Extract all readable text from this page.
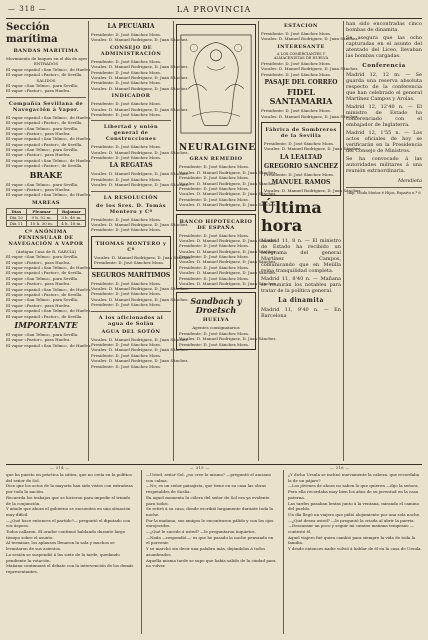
— 318 —	LA PROVINCIA
Sección marítima
BANDAS MARITIMA

Movimiento de buques en el día de ayer

ENTRADOS

El vapor español «San Telmo», de Huelva.

El vapor español «Pastor», de Sevilla.

SALIDOS

El vapor «San Telmo», para Sevilla.

El vapor «Pastor», para Huelva.

Compañía Sevillana de Navegación á Vapor.

El vapor español «San Telmo», de Huelva.

El vapor español «Pastor», de Sevilla.

El vapor «San Telmo», para Sevilla.

El vapor «Pastor», para Huelva.

El vapor español «San Telmo», de Huelva.

El vapor español «Pastor», de Sevilla.

El vapor «San Telmo», para Sevilla.

El vapor «Pastor», para Huelva.

El vapor español «San Telmo», de Huelva.

El vapor español «Pastor», de Sevilla.

BRAKE

El vapor «San Telmo», para Sevilla.

El vapor «Pastor», para Huelva.

El vapor español «San Telmo», de Huelva.

MAREAS
Días	Pleamar	Bajamar
Día 10	9 h. 52 m.	3 h. 40 m.
Día 11	10 h. 30 m.	4 h. 18 m.
Cª ANÓNIMA PENINSULAR DE NAVEGACIÓN A VAPOR
(Antigua Casa de R. GARCÍA)

El vapor «San Telmo», para Sevilla.

El vapor «Pastor», para Huelva.

El vapor español «San Telmo», de Huelva.

El vapor español «Pastor», de Sevilla.

El vapor «San Telmo», para Sevilla.

El vapor «Pastor», para Huelva.

El vapor español «San Telmo», de Huelva.

El vapor español «Pastor», de Sevilla.

El vapor «San Telmo», para Sevilla.

El vapor «Pastor», para Huelva.

El vapor español «San Telmo», de Huelva.

El vapor español «Pastor», de Sevilla.

IMPORTANTE

El vapor «San Telmo», para Sevilla.

El vapor «Pastor», para Huelva.

El vapor español «San Telmo», de Huelva.

LA PECUARIA

Presidente: D. José Sánchez Mora.

Vocales: D. Manuel Rodríguez, D. Juan Sánchez.

CONSEJO DE ADMINISTRACIÓN

Presidente: D. José Sánchez Mora.

Vocales: D. Manuel Rodríguez, D. Juan Sánchez.

Presidente: D. José Sánchez Mora.

Vocales: D. Manuel Rodríguez, D. Juan Sánchez.

Presidente: D. José Sánchez Mora.

Vocales: D. Manuel Rodríguez, D. Juan Sánchez.

INDICADOR

Presidente: D. José Sánchez Mora.

Vocales: D. Manuel Rodríguez, D. Juan Sánchez.

Presidente: D. José Sánchez Mora.

Libertad y unión general de Construcciones

Presidente: D. José Sánchez Mora.

Vocales: D. Manuel Rodríguez, D. Juan Sánchez.

Presidente: D. José Sánchez Mora.

LA REGATAS

Vocales: D. Manuel Rodríguez, D. Juan Sánchez.

Presidente: D. José Sánchez Mora.

Vocales: D. Manuel Rodríguez, D. Juan Sánchez.

LA RESOLUCIÓN
de los Sres. D. Tomás Montero y Cª

Presidente: D. José Sánchez Mora.

Vocales: D. Manuel Rodríguez, D. Juan Sánchez.

Presidente: D. José Sánchez Mora.

THOMAS MONTERO y Cª

Vocales: D. Manuel Rodríguez, D. Juan Sánchez.

Presidente: D. José Sánchez Mora.

SEGUROS MARÍTIMOS

Presidente: D. José Sánchez Mora.

Vocales: D. Manuel Rodríguez, D. Juan Sánchez.

Presidente: D. José Sánchez Mora.

Vocales: D. Manuel Rodríguez, D. Juan Sánchez.

Presidente: D. José Sánchez Mora.

A los aficionados al agua de Solán
AGUA DEL SOTÓN

Vocales: D. Manuel Rodríguez, D. Juan Sánchez.

Presidente: D. José Sánchez Mora.

Vocales: D. Manuel Rodríguez, D. Juan Sánchez.

Presidente: D. José Sánchez Mora.

Vocales: D. Manuel Rodríguez, D. Juan Sánchez.

Presidente: D. José Sánchez Mora.

NEURALGINE
GRAN REMEDIO

Presidente: D. José Sánchez Mora.

Vocales: D. Manuel Rodríguez, D. Juan Sánchez.

Presidente: D. José Sánchez Mora.

Vocales: D. Manuel Rodríguez, D. Juan Sánchez.

Presidente: D. José Sánchez Mora.

Vocales: D. Manuel Rodríguez, D. Juan Sánchez.

Presidente: D. José Sánchez Mora.

Vocales: D. Manuel Rodríguez, D. Juan Sánchez.

BANCO HIPOTECARIO DE ESPAÑA

Presidente: D. José Sánchez Mora.

Vocales: D. Manuel Rodríguez, D. Juan Sánchez.

Presidente: D. José Sánchez Mora.

Vocales: D. Manuel Rodríguez, D. Juan Sánchez.

Presidente: D. José Sánchez Mora.

Vocales: D. Manuel Rodríguez, D. Juan Sánchez.

Presidente: D. José Sánchez Mora.

Vocales: D. Manuel Rodríguez, D. Juan Sánchez.

Presidente: D. José Sánchez Mora.

Vocales: D. Manuel Rodríguez, D. Juan Sánchez.

Sandbach y Droetsch
HUELVA
Agentes consignatarios

Presidente: D. José Sánchez Mora.

Vocales: D. Manuel Rodríguez, D. Juan Sánchez.

Presidente: D. José Sánchez Mora.

ESTACION

Presidente: D. José Sánchez Mora.

Vocales: D. Manuel Rodríguez, D. Juan Sánchez.

INTERESANTE
A LOS COMERCIANTES Y ALMACENISTAS DE HUELVA

Presidente: D. José Sánchez Mora.

Vocales: D. Manuel Rodríguez, D. Juan Sánchez.

Presidente: D. José Sánchez Mora.

PASAJE DEL CORREO
FIDEL SANTAMARIA

Presidente: D. José Sánchez Mora.

Vocales: D. Manuel Rodríguez, D. Juan Sánchez.

Fábrica de Sombreros de la Sevilla

Presidente: D. José Sánchez Mora.

Vocales: D. Manuel Rodríguez, D. Juan Sánchez.

LA LEALTAD
GREGORIO SANCHEZ

Presidente: D. José Sánchez Mora.

MANUEL RAMOS

Vocales: D. Manuel Rodríguez, D. Juan Sánchez.

Última hora
Madrid 11, 8 n. — El ministro de Estado ha recibido un telegrama del general Martínez Campos, comunicando que en Melilla reina tranquilidad completa.
Madrid 11, 8'40 n. — Mañana se reunirán los notables para tratar de la política general.
La dinamita
Madrid 11, 9'40 n. — En Barcelona
han sido encontradas cinco bombas de dinamita.
Se asegura que las ocho capturadas en el asunto del atentado del Liceo, llevaban las bombas cargadas.
Conferencia
Madrid 12, 12 m. — Se guarda una reserva absoluta respecto de la conferencia que han celebrado el general Martínez Campos y Arolas.
Madrid 12, 12'40 n. — El ministro de Estado ha conferenciado con el embajador de Inglaterra.
Madrid 12, 1'55 n. — Los actos oficiales de hoy se verificarán en la Presidencia del Consejo de Ministros.
Se ha convocado á las autoridades militares á una reunión extraordinaria.
Mendieta
Imp. Viuda Muñoz é Hijos, Esparto n.º 6
— 314 —	— 315 —	— 316 —
que ha puesto en práctica la sátira, que no creía en la política del señor de Sol.
Dice que los actos de la mayoría han sido vistos con extrañeza por toda la nación.
Recuerda los trabajos que se hicieron para impedir el triunfo de la conjunción.
Y añade que ahora el gobierno se encuentra en una situación muy difícil.
—¿Qué hace entonces el partido?— preguntó el diputado con voz áspera.
Todos callaron. El orador continuó hablando durante largo tiempo sobre el asunto.
Al terminar, los aplausos llenaron la sala y muchos se levantaron de sus asientos.
La sesión se suspendió á las siete de la tarde, quedando pendiente la votación.
Mañana continuará el debate con la intervención de los demás representantes.
—Usted, señor Sol, ¿no cree lo mismo? —preguntó el anciano con calma.
—No; es un señor paisajista, que tiene en su casa las obras respetables de Sicilia.
En aquel momento la cólera del señor de Sol era ya evidente para todos.
Se retiró á su casa, donde escribió largamente durante toda la noche.
Por la mañana, sus amigos le encontraron pálido y con los ojos enrojecidos.
—¿Qué le sucede á usted? —le preguntaron inquietos.
—Nada —respondió—; es que he pasado la noche pensando en el porvenir.
Y se marchó sin decir una palabra más, dejándolos á todos asombrados.
Aquella misma tarde se supo que había salido de la ciudad para no volver.
¿Y dicho Ursula se inclinó nuevamente la cabeza, que recordaba la de un pájaro?
—Los jóvenes de ahora no saben lo que quieren —dijo la señora.
Pero ella recordaba muy bien los años de su juventud en la casa paterna.
Las tardes pasaban lentas junto á la ventana, mirando el camino del pueblo.
Un día llegó un viajero que pidió alojamiento por una sola noche.
—¿Qué desea usted? —le preguntó la criada al abrir la puerta.
—Descansar un poco y seguir mi camino mañana temprano —contestó él.
Aquel viajero fué quien cambió para siempre la vida de toda la familia.
Y desde entonces nadie volvió á hablar de él en la casa de Ursula.
